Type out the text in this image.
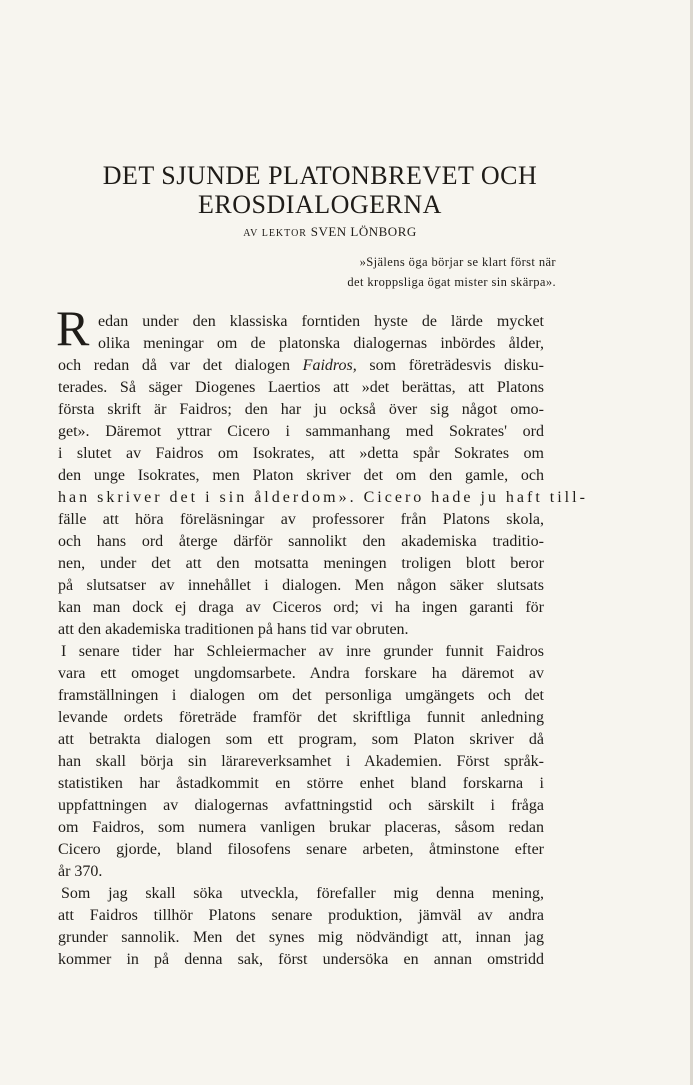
DET SJUNDE PLATONBREVET OCH
EROSDIALOGERNA
AV LEKTOR SVEN LÖNBORG
»Själens öga börjar se klart först när
det kroppsliga ögat mister sin skärpa».
R edan under den klassiska forntiden hyste de lärde mycket
olika meningar om de platonska dialogernas inbördes ålder,
och redan då var det dialogen Faidros, som företrädesvis disku-
terades. Så säger Diogenes Laertios att »det berättas, att Platons
första skrift är Faidros; den har ju också över sig något omo-
get». Däremot yttrar Cicero i sammanhang med Sokrates' ord
i slutet av Faidros om Isokrates, att »detta spår Sokrates om
den unge Isokrates, men Platon skriver det om den gamle, och
han skriver det i sin ålderdom». Cicero hade ju haft till-
fälle att höra föreläsningar av professorer från Platons skola,
och hans ord återge därför sannolikt den akademiska traditio-
nen, under det att den motsatta meningen troligen blott beror
på slutsatser av innehållet i dialogen. Men någon säker slutsats
kan man dock ej draga av Ciceros ord; vi ha ingen garanti för
att den akademiska traditionen på hans tid var obruten.
I senare tider har Schleiermacher av inre grunder funnit Faidros
vara ett omoget ungdomsarbete. Andra forskare ha däremot av
framställningen i dialogen om det personliga umgängets och det
levande ordets företräde framför det skriftliga funnit anledning
att betrakta dialogen som ett program, som Platon skriver då
han skall börja sin lärareverksamhet i Akademien. Först språk-
statistiken har åstadkommit en större enhet bland forskarna i
uppfattningen av dialogernas avfattningstid och särskilt i fråga
om Faidros, som numera vanligen brukar placeras, såsom redan
Cicero gjorde, bland filosofens senare arbeten, åtminstone efter
år 370.
Som jag skall söka utveckla, förefaller mig denna mening,
att Faidros tillhör Platons senare produktion, jämväl av andra
grunder sannolik. Men det synes mig nödvändigt att, innan jag
kommer in på denna sak, först undersöka en annan omstridd
